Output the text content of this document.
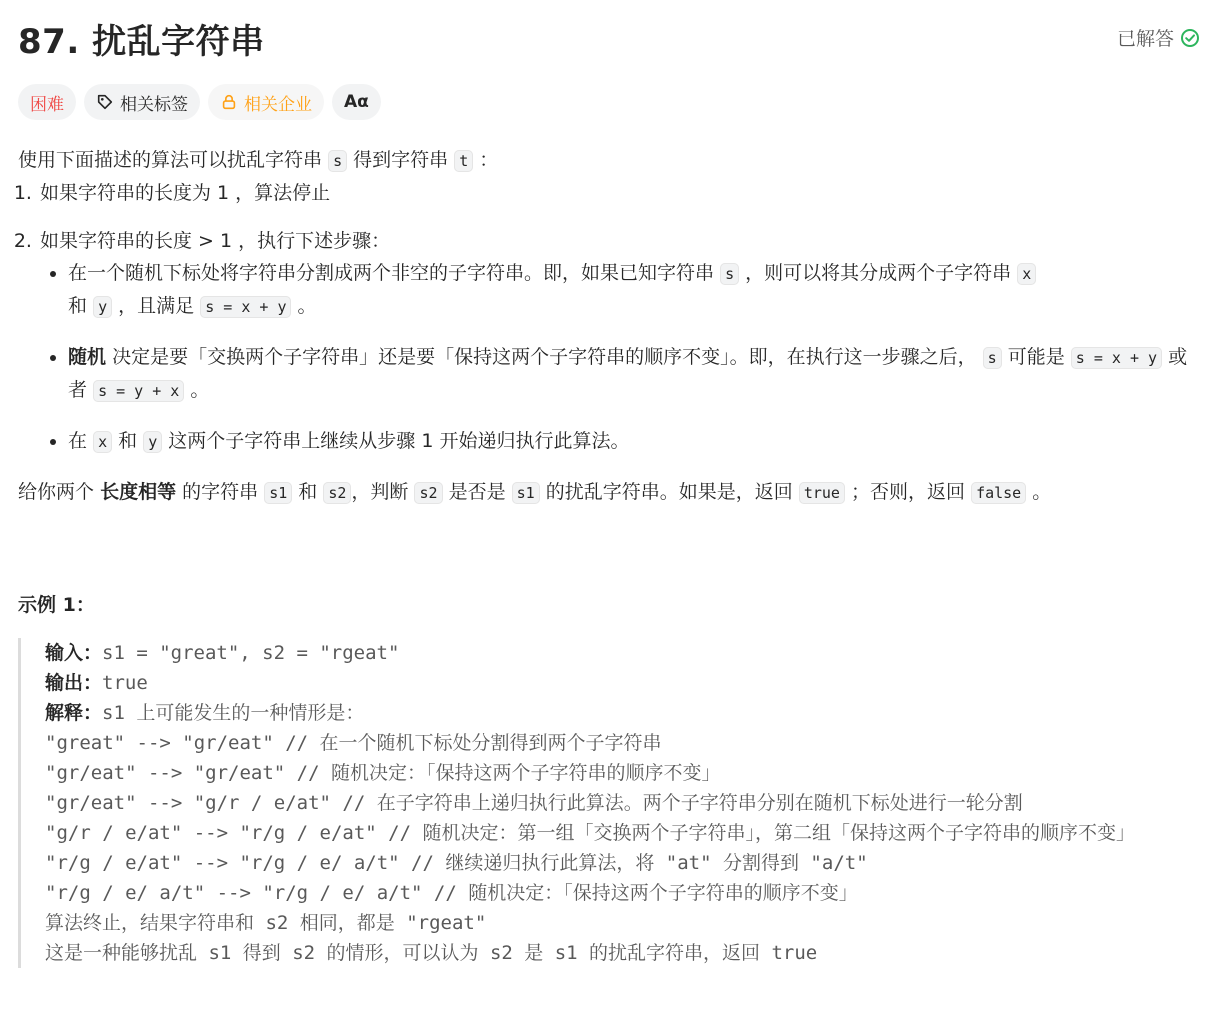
87. 扰乱字符串	已解答
困难	相关标签	相关企业 Aα

使用下面描述的算法可以扰乱字符串 s 得到字符串 t ：

1. 如果字符串的长度为 1 ，算法停止
2. 如果字符串的长度 > 1 ，执行下述步骤：
• 在一个随机下标处将字符串分割成两个非空的子字符串。即，如果已知字符串 s ，则可以将其分成两个子字符串 x
和 y ，且满足 s = x + y 。
• 随机 决定是要「交换两个子字符串」还是要「保持这两个子字符串的顺序不变」。即，在执行这一步骤之后， s 可能是 s = x + y 或者 s = y + x 。
• 在 x 和 y 这两个子字符串上继续从步骤 1 开始递归执行此算法。

给你两个 长度相等 的字符串 s1 和 s2 ，判断 s2 是否是 s1 的扰乱字符串。如果是，返回 true ；否则，返回 false 。

示例 1：

输入：s1 = "great", s2 = "rgeat"
输出：true
解释：s1 上可能发生的一种情形是：
"great" --> "gr/eat" // 在一个随机下标处分割得到两个子字符串
"gr/eat" --> "gr/eat" // 随机决定：「保持这两个子字符串的顺序不变」
"gr/eat" --> "g/r / e/at" // 在子字符串上递归执行此算法。两个子字符串分别在随机下标处进行一轮分割
"g/r / e/at" --> "r/g / e/at" // 随机决定：第一组「交换两个子字符串」，第二组「保持这两个子字符串的顺序不变」
"r/g / e/at" --> "r/g / e/ a/t" // 继续递归执行此算法，将 "at" 分割得到 "a/t"
"r/g / e/ a/t" --> "r/g / e/ a/t" // 随机决定：「保持这两个子字符串的顺序不变」
算法终止，结果字符串和 s2 相同，都是 "rgeat"
这是一种能够扰乱 s1 得到 s2 的情形，可以认为 s2 是 s1 的扰乱字符串，返回 true
